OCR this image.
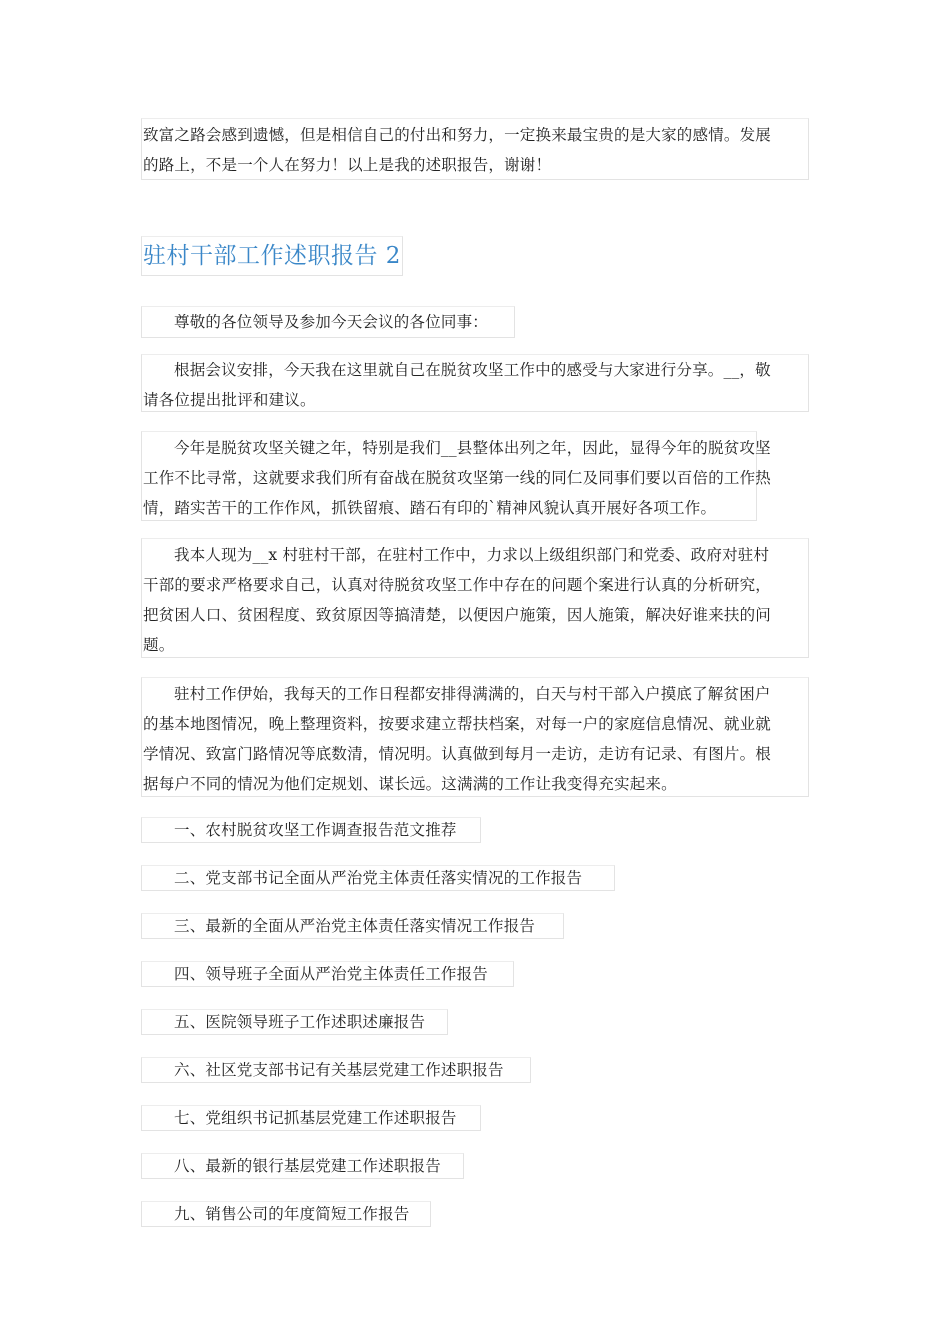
致富之路会感到遗憾，但是相信自己的付出和努力，一定换来最宝贵的是大家的感情。发展
的路上，不是一个人在努力！以上是我的述职报告，谢谢！

驻村干部工作述职报告 2

尊敬的各位领导及参加今天会议的各位同事：

根据会议安排，今天我在这里就自己在脱贫攻坚工作中的感受与大家进行分享。__，敬
请各位提出批评和建议。

今年是脱贫攻坚关键之年，特别是我们__县整体出列之年，因此，显得今年的脱贫攻坚
工作不比寻常，这就要求我们所有奋战在脱贫攻坚第一线的同仁及同事们要以百倍的工作热
情，踏实苦干的工作作风，抓铁留痕、踏石有印的`精神风貌认真开展好各项工作。

我本人现为__x 村驻村干部，在驻村工作中，力求以上级组织部门和党委、政府对驻村
干部的要求严格要求自己，认真对待脱贫攻坚工作中存在的问题个案进行认真的分析研究，
把贫困人口、贫困程度、致贫原因等搞清楚，以便因户施策，因人施策，解决好谁来扶的问
题。

驻村工作伊始，我每天的工作日程都安排得满满的，白天与村干部入户摸底了解贫困户
的基本地图情况，晚上整理资料，按要求建立帮扶档案，对每一户的家庭信息情况、就业就
学情况、致富门路情况等底数清，情况明。认真做到每月一走访，走访有记录、有图片。根
据每户不同的情况为他们定规划、谋长远。这满满的工作让我变得充实起来。

一、农村脱贫攻坚工作调查报告范文推荐

二、党支部书记全面从严治党主体责任落实情况的工作报告

三、最新的全面从严治党主体责任落实情况工作报告

四、领导班子全面从严治党主体责任工作报告

五、医院领导班子工作述职述廉报告

六、社区党支部书记有关基层党建工作述职报告

七、党组织书记抓基层党建工作述职报告

八、最新的银行基层党建工作述职报告

九、销售公司的年度简短工作报告
